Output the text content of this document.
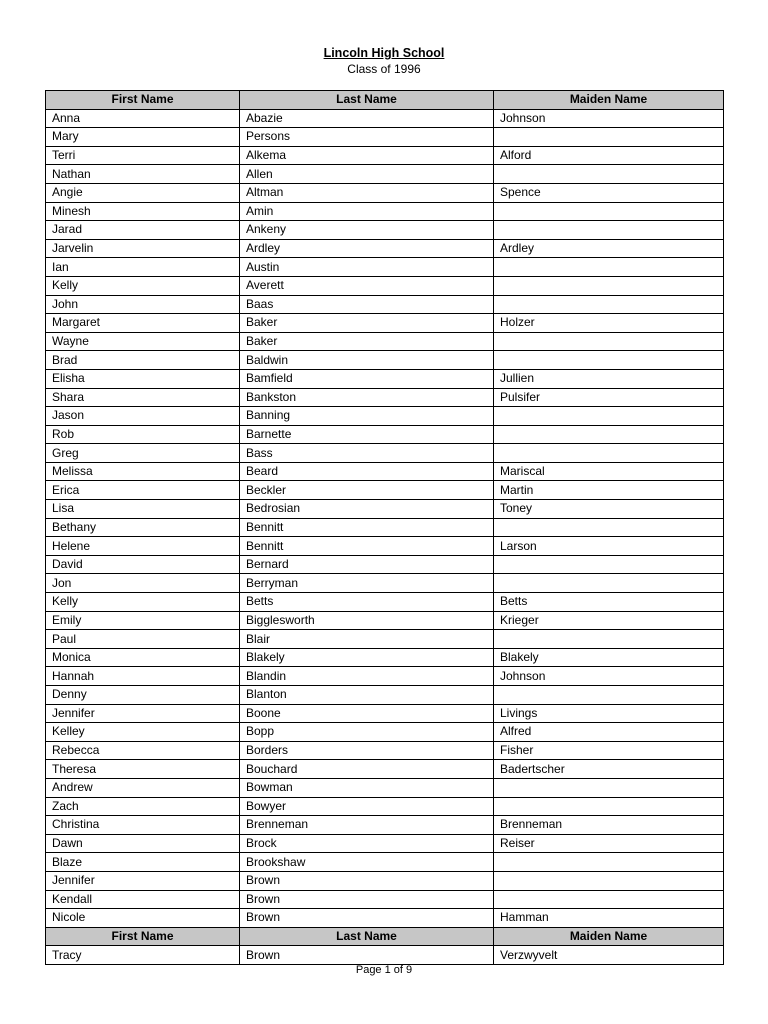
Lincoln High School
Class of 1996
First Name	Last Name	Maiden Name
Anna	Abazie	Johnson
Mary	Persons	
Terri	Alkema	Alford
Nathan	Allen	
Angie	Altman	Spence
Minesh	Amin	
Jarad	Ankeny	
Jarvelin	Ardley	Ardley
Ian	Austin	
Kelly	Averett	
John	Baas	
Margaret	Baker	Holzer
Wayne	Baker	
Brad	Baldwin	
Elisha	Bamfield	Jullien
Shara	Bankston	Pulsifer
Jason	Banning	
Rob	Barnette	
Greg	Bass	
Melissa	Beard	Mariscal
Erica	Beckler	Martin
Lisa	Bedrosian	Toney
Bethany	Bennitt	
Helene	Bennitt	Larson
David	Bernard	
Jon	Berryman	
Kelly	Betts	Betts
Emily	Bigglesworth	Krieger
Paul	Blair	
Monica	Blakely	Blakely
Hannah	Blandin	Johnson
Denny	Blanton	
Jennifer	Boone	Livings
Kelley	Bopp	Alfred
Rebecca	Borders	Fisher
Theresa	Bouchard	Badertscher
Andrew	Bowman	
Zach	Bowyer	
Christina	Brenneman	Brenneman
Dawn	Brock	Reiser
Blaze	Brookshaw	
Jennifer	Brown	
Kendall	Brown	
Nicole	Brown	Hamman
First Name	Last Name	Maiden Name
Tracy	Brown	Verzwyvelt
Page 1 of 9
